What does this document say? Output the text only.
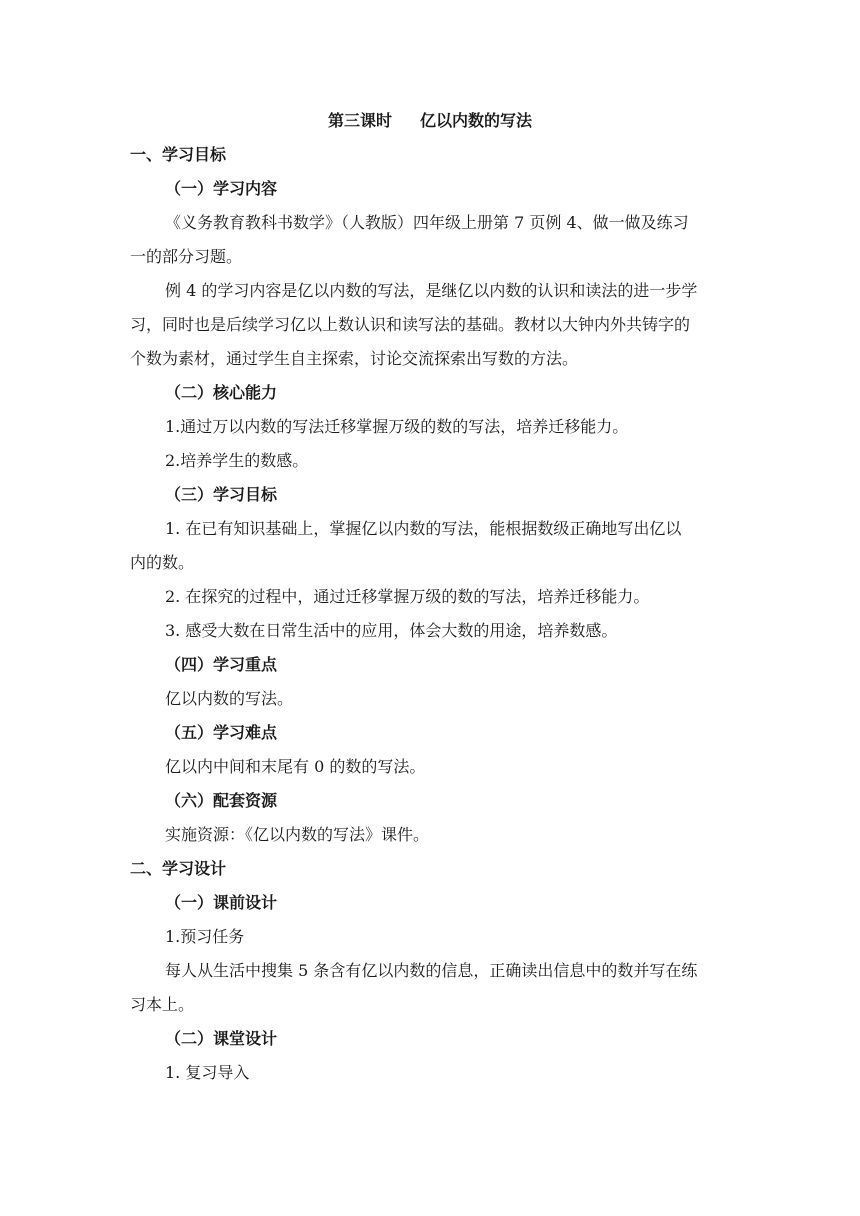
第三课时 亿以内数的写法
一、学习目标
（一）学习内容
《义务教育教科书数学》（人教版）四年级上册第 7 页例 4、做一做及练习
一的部分习题。
例 4 的学习内容是亿以内数的写法，是继亿以内数的认识和读法的进一步学
习，同时也是后续学习亿以上数认识和读写法的基础。教材以大钟内外共铸字的
个数为素材，通过学生自主探索，讨论交流探索出写数的方法。
（二）核心能力
1.通过万以内数的写法迁移掌握万级的数的写法，培养迁移能力。
2.培养学生的数感。
（三）学习目标
1. 在已有知识基础上，掌握亿以内数的写法，能根据数级正确地写出亿以
内的数。
2. 在探究的过程中，通过迁移掌握万级的数的写法，培养迁移能力。
3. 感受大数在日常生活中的应用，体会大数的用途，培养数感。
（四）学习重点
亿以内数的写法。
（五）学习难点
亿以内中间和末尾有 0 的数的写法。
（六）配套资源
实施资源：《亿以内数的写法》课件。
二、学习设计
（一）课前设计
1.预习任务
每人从生活中搜集 5 条含有亿以内数的信息，正确读出信息中的数并写在练
习本上。
（二）课堂设计
1. 复习导入
